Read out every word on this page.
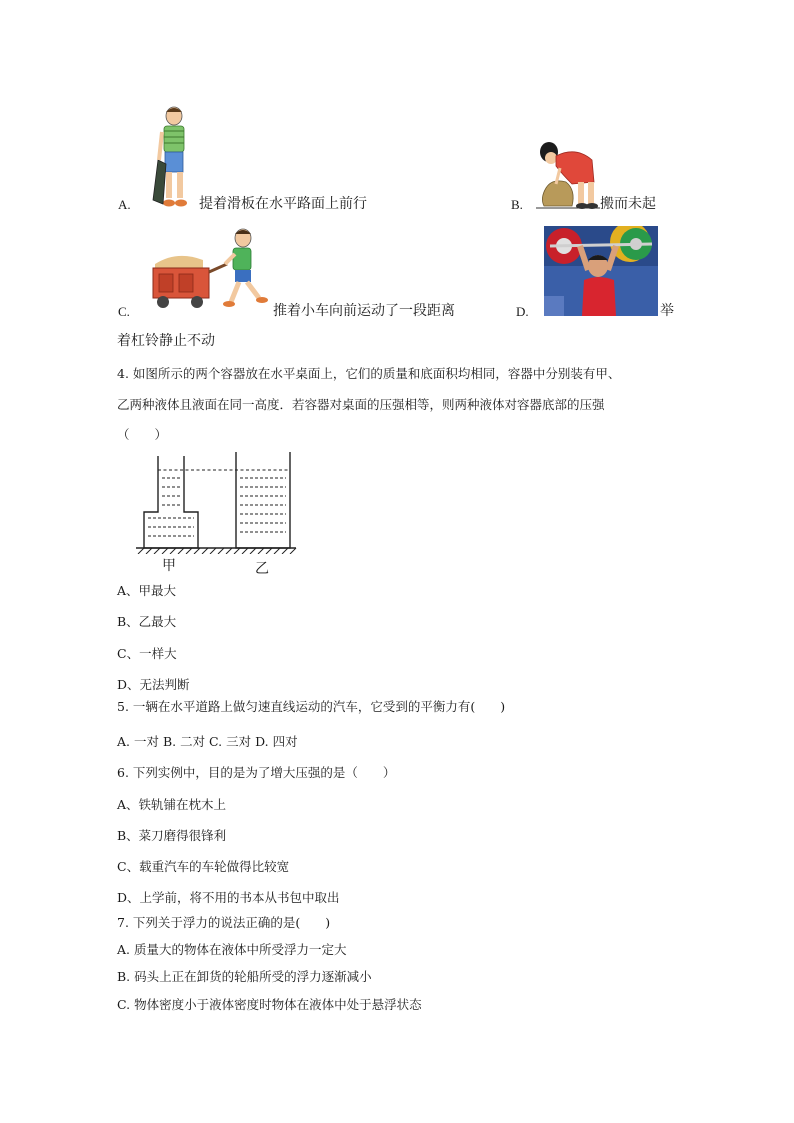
A.	提着滑板在水平路面上前行	B.	搬而未起
C.	推着小车向前运动了一段距离	D.	举
着杠铃静止不动
4. 如图所示的两个容器放在水平桌面上，它们的质量和底面积均相同，容器中分别装有甲、
乙两种液体且液面在同一高度．若容器对桌面的压强相等，则两种液体对容器底部的压强
（　　）
甲	乙
A、甲最大
B、乙最大
C、一样大
D、无法判断
5. 一辆在水平道路上做匀速直线运动的汽车，它受到的平衡力有(　　)
A. 一对 B. 二对 C. 三对 D. 四对
6. 下列实例中，目的是为了增大压强的是（　　）
A、铁轨铺在枕木上
B、菜刀磨得很锋利
C、载重汽车的车轮做得比较宽
D、上学前，将不用的书本从书包中取出
7. 下列关于浮力的说法正确的是(　　)
A. 质量大的物体在液体中所受浮力一定大
B. 码头上正在卸货的轮船所受的浮力逐渐减小
C. 物体密度小于液体密度时物体在液体中处于悬浮状态
